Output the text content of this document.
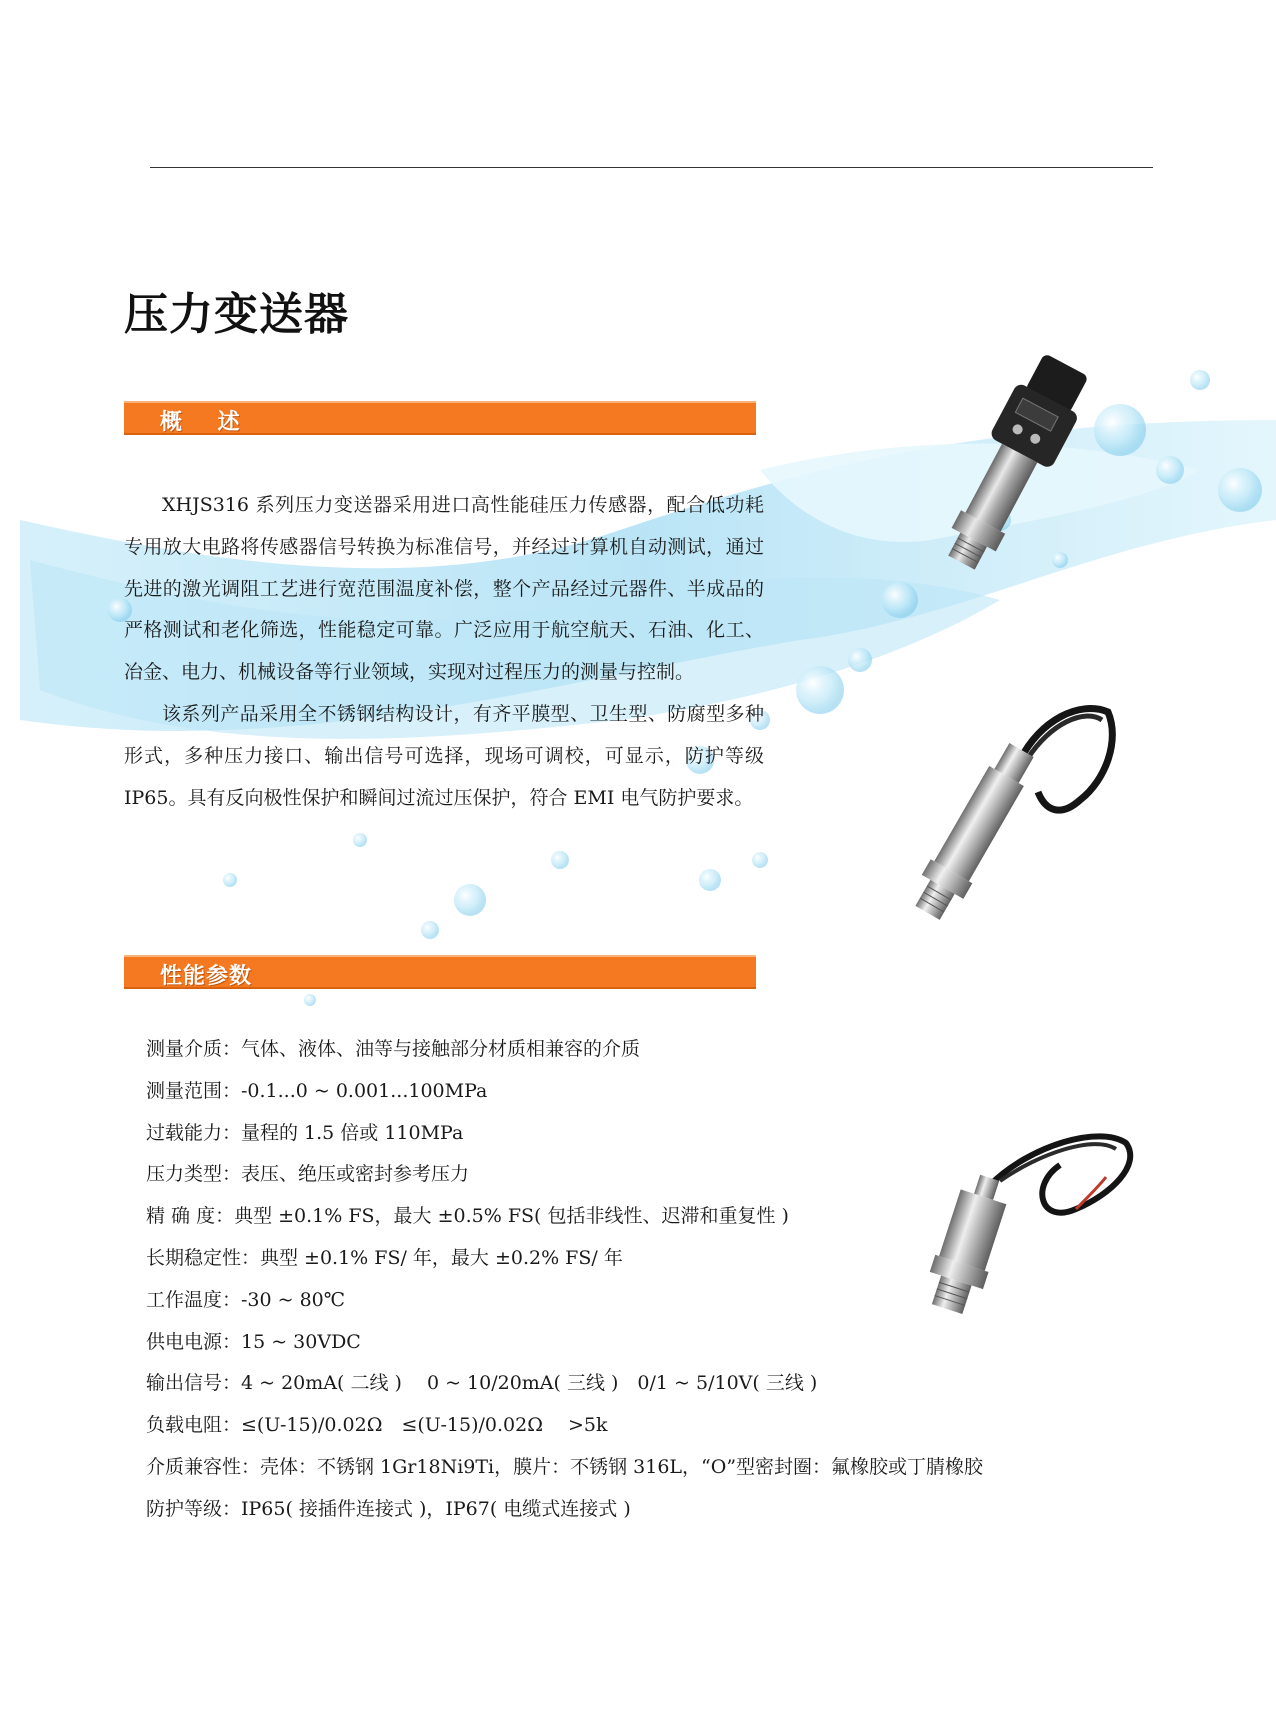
压力变送器
概 述

XHJS316 系列压力变送器采用进口高性能硅压力传感器，配合低功耗专用放大电路将传感器信号转换为标准信号，并经过计算机自动测试，通过先进的激光调阻工艺进行宽范围温度补偿，整个产品经过元器件、半成品的严格测试和老化筛选，性能稳定可靠。广泛应用于航空航天、石油、化工、冶金、电力、机械设备等行业领域，实现对过程压力的测量与控制。

该系列产品采用全不锈钢结构设计，有齐平膜型、卫生型、防腐型多种形式，多种压力接口、输出信号可选择，现场可调校，可显示，防护等级 IP65。具有反向极性保护和瞬间过流过压保护，符合 EMI 电气防护要求。

性能参数
测量介质：气体、液体、油等与接触部分材质相兼容的介质
测量范围：-0.1...0 ~ 0.001...100MPa
过载能力：量程的 1.5 倍或 110MPa
压力类型：表压、绝压或密封参考压力
精 确 度：典型 ±0.1% FS，最大 ±0.5% FS( 包括非线性、迟滞和重复性 )
长期稳定性：典型 ±0.1% FS/ 年，最大 ±0.2% FS/ 年
工作温度：-30 ~ 80℃
供电电源：15 ~ 30VDC
输出信号：4 ~ 20mA( 二线 )　 0 ~ 10/20mA( 三线 )　0/1 ~ 5/10V( 三线 )
负载电阻：≤(U-15)/0.02Ω　≤(U-15)/0.02Ω　 >5k
介质兼容性：壳体：不锈钢 1Gr18Ni9Ti，膜片：不锈钢 316L，“O”型密封圈：氟橡胶或丁腈橡胶
防护等级：IP65( 接插件连接式 )，IP67( 电缆式连接式 )
